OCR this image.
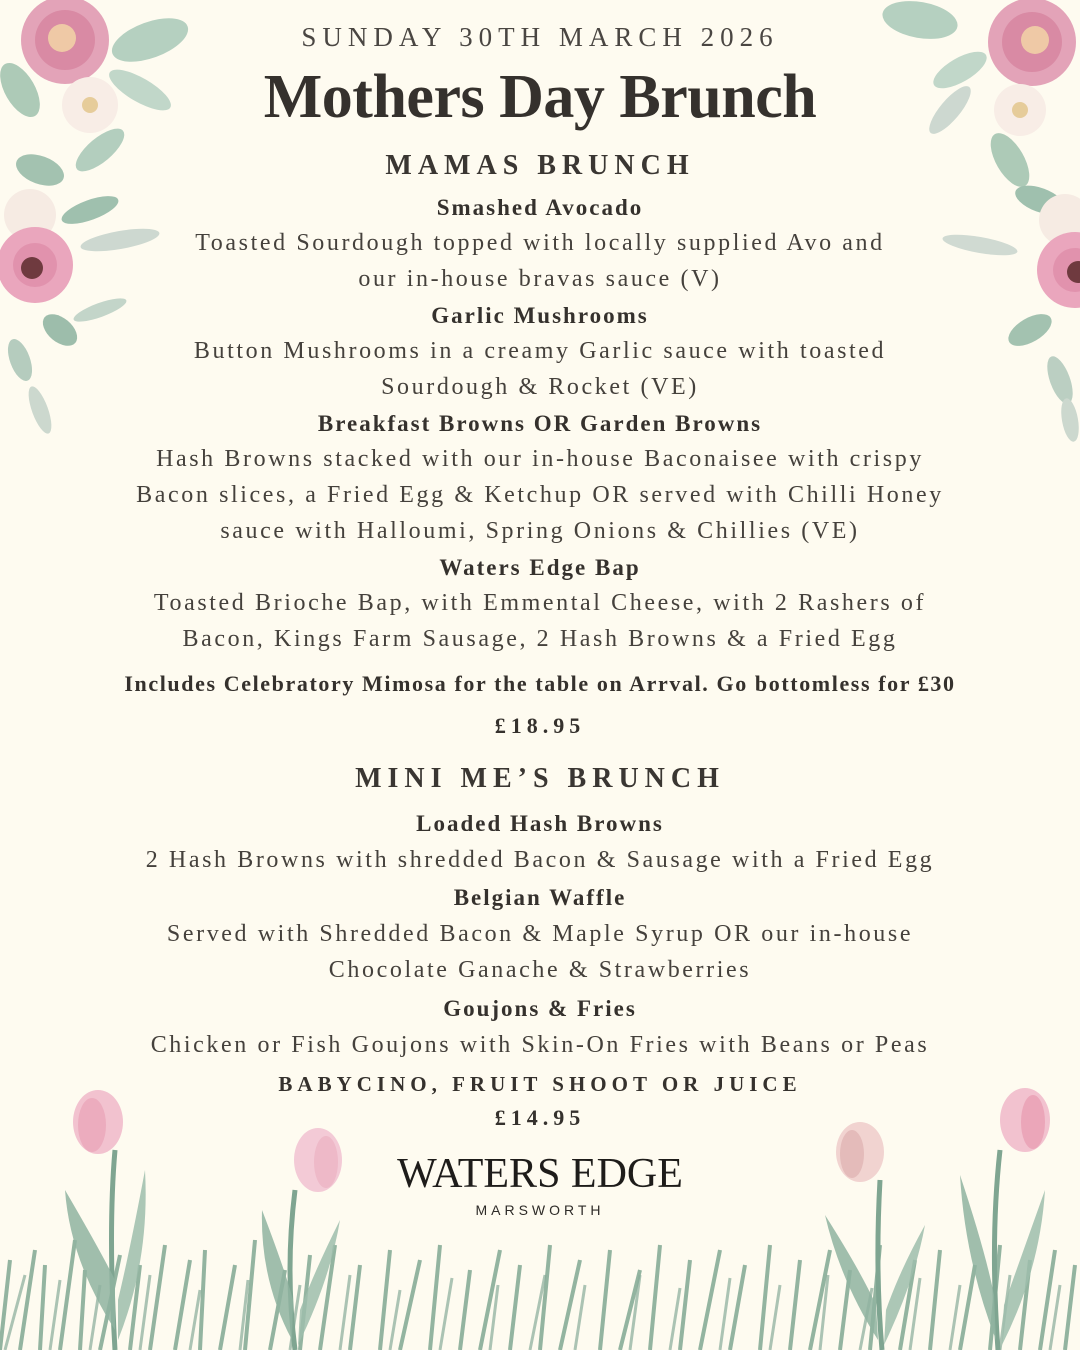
SUNDAY 30TH MARCH 2026
Mothers Day Brunch
MAMAS BRUNCH
Smashed Avocado
Toasted Sourdough topped with locally supplied Avo and
our in-house bravas sauce (V)
Garlic Mushrooms
Button Mushrooms in a creamy Garlic sauce with toasted
Sourdough & Rocket (VE)
Breakfast Browns OR Garden Browns
Hash Browns stacked with our in-house Baconaisee with crispy
Bacon slices, a Fried Egg & Ketchup OR served with Chilli Honey
sauce with Halloumi, Spring Onions & Chillies (VE)
Waters Edge Bap
Toasted Brioche Bap, with Emmental Cheese, with 2 Rashers of
Bacon, Kings Farm Sausage, 2 Hash Browns & a Fried Egg
Includes Celebratory Mimosa for the table on Arrval. Go bottomless for £30
£18.95
MINI ME’S BRUNCH
Loaded Hash Browns
2 Hash Browns with shredded Bacon & Sausage with a Fried Egg
Belgian Waffle
Served with Shredded Bacon & Maple Syrup OR our in-house
Chocolate Ganache & Strawberries
Goujons & Fries
Chicken or Fish Goujons with Skin-On Fries with Beans or Peas
BABYCINO, FRUIT SHOOT OR JUICE
£14.95
WATERS EDGE
MARSWORTH
